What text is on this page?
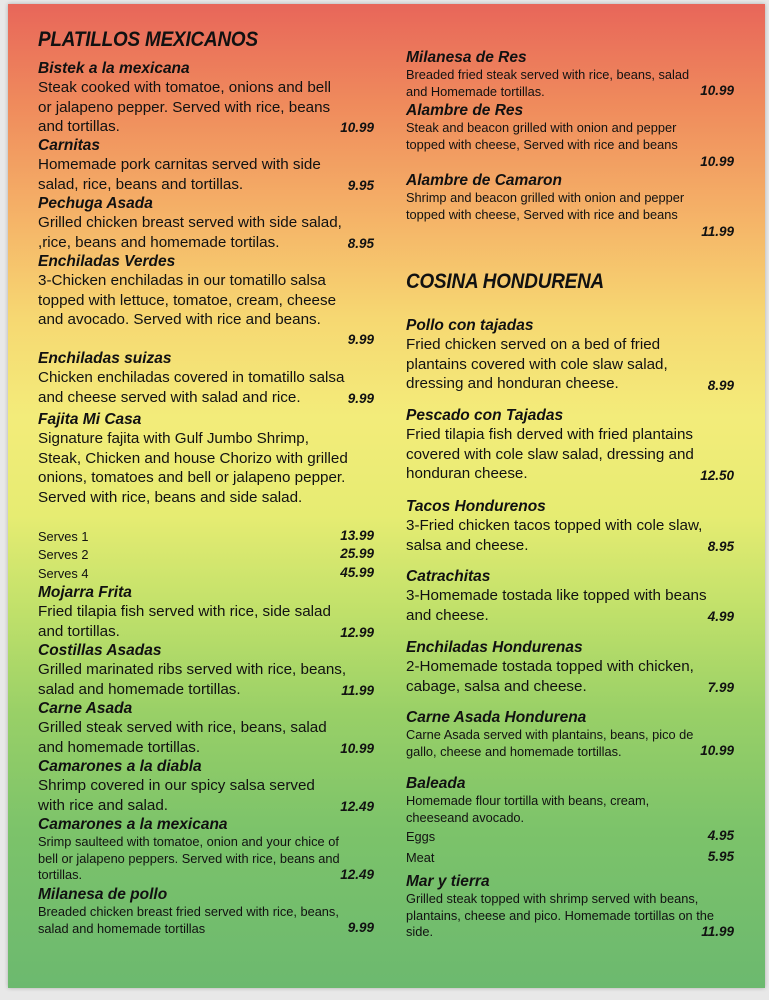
PLATILLOS MEXICANOS
Bistek a la mexicana
Steak cooked with tomatoe, onions and bell or jalapeno pepper. Served with rice, beans and tortillas.	10.99
Carnitas
Homemade pork carnitas served with side salad, rice, beans and tortillas.	9.95
Pechuga Asada
Grilled chicken breast served with side salad, ,rice, beans and homemade tortilas.	8.95
Enchiladas Verdes
3-Chicken enchiladas in our tomatillo salsa topped with lettuce, tomatoe, cream, cheese and avocado. Served with rice and beans.
9.99
Enchiladas suizas
Chicken enchiladas covered in tomatillo salsa and cheese served with salad and rice.	9.99
Fajita Mi Casa
Signature fajita with Gulf Jumbo Shrimp, Steak, Chicken and house Chorizo with grilled onions, tomatoes and bell or jalapeno pepper. Served with rice, beans and side salad.
Serves 1	13.99
Serves 2	25.99
Serves 4	45.99
Mojarra Frita
Fried tilapia fish served with rice, side salad and tortillas.	12.99
Costillas Asadas
Grilled marinated ribs served with rice, beans, salad and homemade tortillas.	11.99
Carne Asada
Grilled steak served with rice, beans, salad and homemade tortillas.	10.99
Camarones a la diabla
Shrimp covered in our spicy salsa served with rice and salad.	12.49
Camarones a la mexicana
Srimp saulteed with tomatoe, onion and your chice of bell or jalapeno peppers. Served with rice, beans and tortillas.	12.49
Milanesa de pollo
Breaded chicken breast fried served with rice, beans, salad and homemade tortillas	9.99
Milanesa de Res
Breaded fried steak served with rice, beans, salad and Homemade tortillas.	10.99
Alambre de Res
Steak and beacon grilled with onion and pepper topped with cheese, Served with rice and beans
10.99
Alambre de Camaron
Shrimp and beacon grilled with onion and pepper topped with cheese, Served with rice and beans
11.99
COSINA HONDURENA
Pollo con tajadas
Fried chicken served on a bed of fried plantains covered with cole slaw salad, dressing and honduran cheese.	8.99
Pescado con Tajadas
Fried tilapia fish derved with fried plantains covered with cole slaw salad, dressing and honduran cheese.	12.50
Tacos Hondurenos
3-Fried chicken tacos topped with cole slaw, salsa and cheese.	8.95
Catrachitas
3-Homemade tostada like topped with beans and cheese.	4.99
Enchiladas Hondurenas
2-Homemade tostada topped with chicken, cabage, salsa and cheese.	7.99
Carne Asada Hondurena
Carne Asada served with plantains, beans, pico de gallo, cheese and homemade tortillas.	10.99
Baleada
Homemade flour tortilla with beans, cream, cheeseand avocado.
Eggs	4.95
Meat	5.95
Mar y tierra
Grilled steak topped with shrimp served with beans, plantains, cheese and pico. Homemade tortillas on the side.	11.99
